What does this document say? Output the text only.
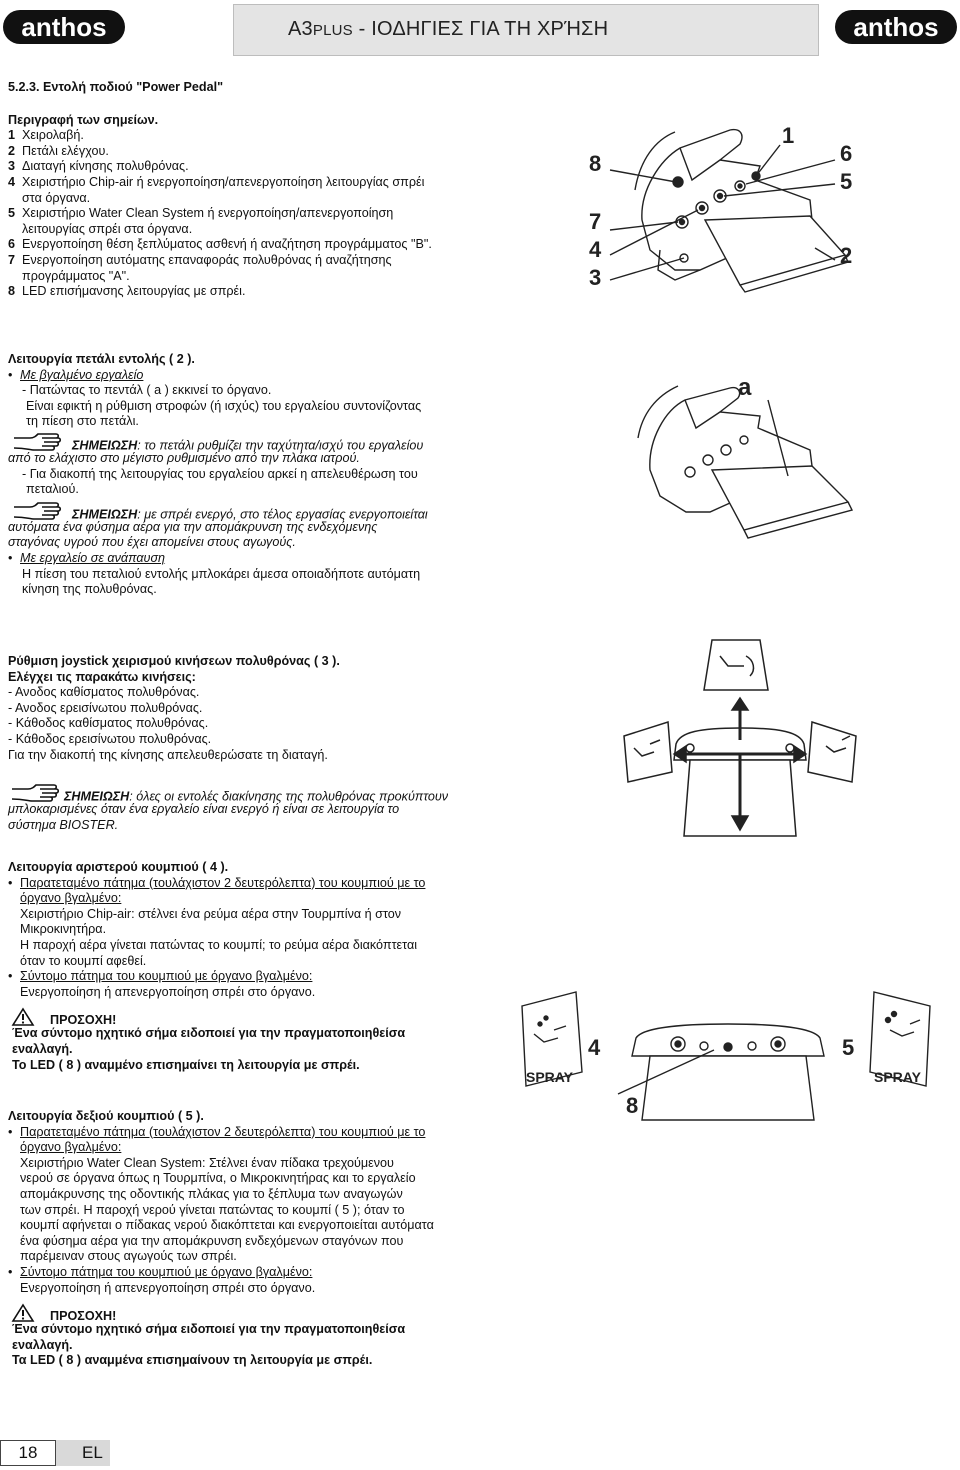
anthos	A3PLUS - ΙΟΔΗΓΙΕΣ ΓΙΑ ΤΗ ΧΡΉΣΗ	anthos

5.2.3. Εντολή ποδιού "Power Pedal"

Περιγραφή των σημείων.

1 Χειρολαβή.

2 Πετάλι ελέγχου.

3 Διαταγή κίνησης πολυθρόνας.

4 Χειριστήριο Chip-air ή ενεργοποίηση/απενεργοποίηση λειτουργίας σπρέι

στα όργανα.

5 Χειριστήριο Water Clean System ή ενεργοποίηση/απενεργοποίηση

λειτουργίας σπρέι στα όργανα.

6 Ενεργοποίηση θέση ξεπλύματος ασθενή ή αναζήτηση προγράμματος "B".

7 Ενεργοποίηση αυτόματης επαναφοράς πολυθρόνας ή αναζήτησης

προγράμματος "A".

8 LED επισήμανσης λειτουργίας με σπρέι.

8
7
4
3
1
6
5
2

Λειτουργία πετάλι εντολής ( 2 ).

• Με βγαλμένο εργαλείο

- Πατώντας το πεντάλ ( a ) εκκινεί το όργανο.

Είναι εφικτή η ρύθμιση στροφών (ή ισχύς) του εργαλείου συντονίζοντας

τη πίεση στο πετάλι.

ΣΗΜΕΙΩΣΗ: το πετάλι ρυθμίζει την ταχύτητα/ισχύ του εργαλείου

από το ελάχιστο στο μέγιστο ρυθμισμένο από την πλάκα ιατρού.

- Για διακοπή της λειτουργίας του εργαλείου αρκεί η απελευθέρωση του

πεταλιού.

ΣΗΜΕΙΩΣΗ: με σπρέι ενεργό, στο τέλος εργασίας ενεργοποιείται

αυτόματα ένα φύσημα αέρα για την απομάκρυνση της ενδεχόμενης

σταγόνας υγρού που έχει απομείνει στους αγωγούς.

• Με εργαλείο σε ανάπαυση

Η πίεση του πεταλιού εντολής μπλοκάρει άμεσα οποιαδήποτε αυτόματη

κίνηση της πολυθρόνας.

a

Ρύθμιση joystick χειρισμού κινήσεων πολυθρόνας ( 3 ).

Ελέγχει τις παρακάτω κινήσεις:

- Ανοδος καθίσματος πολυθρόνας.

- Ανοδος ερεισίνωτου πολυθρόνας.

- Κάθοδος καθίσματος πολυθρόνας.

- Κάθοδος ερεισίνωτου πολυθρόνας.

Για την διακοπή της κίνησης απελευθερώσατε τη διαταγή.

ΣΗΜΕΙΩΣΗ: όλες οι εντολές διακίνησης της πολυθρόνας προκύπτουν

μπλοκαρισμένες όταν ένα εργαλείο είναι ενεργό ή είναι σε λειτουργία το

σύστημα BIOSTER.

Λειτουργία αριστερού κουμπιού ( 4 ).

• Παρατεταμένο πάτημα (τουλάχιστον 2 δευτερόλεπτα) του κουμπιού με το

όργανο βγαλμένο:

Χειριστήριο Chip-air: στέλνει ένα ρεύμα αέρα στην Τουρμπίνα ή στον

Μικροκινητήρα.

Η παροχή αέρα γίνεται πατώντας το κουμπί; το ρεύμα αέρα διακόπτεται

όταν το κουμπί αφεθεί.

• Σύντομο πάτημα του κουμπιού με όργανο βγαλμένο:

Ενεργοποίηση ή απενεργοποίηση σπρέι στο όργανο.

ΠΡΟΣΟΧΗ!

Ένα σύντομο ηχητικό σήμα ειδοποιεί για την πραγματοποιηθείσα

εναλλαγή.

Το LED ( 8 ) αναμμένο επισημαίνει τη λειτουργία με σπρέι.

SPRAY	SPRAY
4	5
8

Λειτουργία δεξιού κουμπιού ( 5 ).

• Παρατεταμένο πάτημα (τουλάχιστον 2 δευτερόλεπτα) του κουμπιού με το

όργανο βγαλμένο:

Χειριστήριο Water Clean System: Στέλνει έναν πίδακα τρεχούμενου

νερού σε όργανα όπως η Τουρμπίνα, ο Μικροκινητήρας και το εργαλείο

απομάκρυνσης της οδοντικής πλάκας για το ξέπλυμα των αναγωγών

των σπρέι. Η παροχή νερού γίνεται πατώντας το κουμπί ( 5 ); όταν το

κουμπί αφήνεται ο πίδακας νερού διακόπτεται και ενεργοποιείται αυτόματα

ένα φύσημα αέρα για την απομάκρυνση ενδεχόμενων σταγόνων που

παρέμειναν στους αγωγούς των σπρέι.

• Σύντομο πάτημα του κουμπιού με όργανο βγαλμένο:

Ενεργοποίηση ή απενεργοποίηση σπρέι στο όργανο.

ΠΡΟΣΟΧΗ!

Ένα σύντομο ηχητικό σήμα ειδοποιεί για την πραγματοποιηθείσα

εναλλαγή.

Τα LED ( 8 ) αναμμένα επισημαίνουν τη λειτουργία με σπρέι.

18	EL
